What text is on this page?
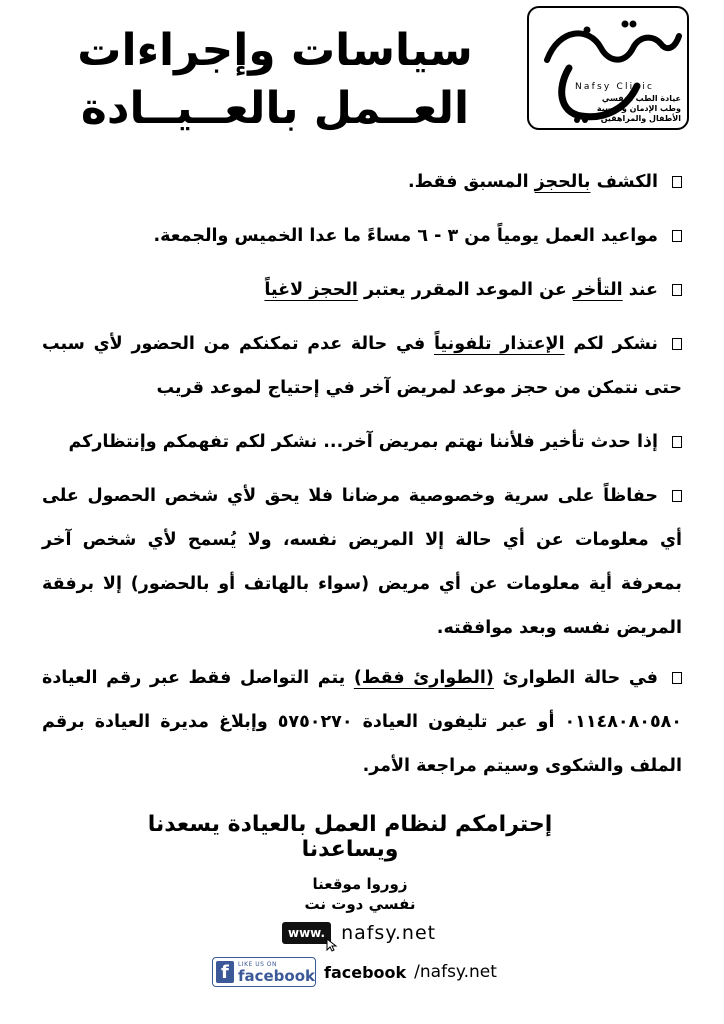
Nafsy Clinic
عيادة الطب النفسي
وطب الإدمان ونفسية
الأطفال والمراهقين
سياسات وإجراءات
العــمل بالعــيــادة
الكشف بالحجز المسبق فقط.
مواعيد العمل يومياً من ٣ - ٦ مساءً ما عدا الخميس والجمعة.
عند التأخر عن الموعد المقرر يعتبر الحجز لاغياً
نشكر لكم الإعتذار تلفونياً في حالة عدم تمكنكم من الحضور لأي سبب حتى نتمكن من حجز موعد لمريض آخر في إحتياج لموعد قريب
إذا حدث تأخير فلأننا نهتم بمريض آخر... نشكر لكم تفهمكم وإنتظاركم
حفاظاً على سرية وخصوصية مرضانا فلا يحق لأي شخص الحصول على أي معلومات عن أي حالة إلا المريض نفسه، ولا يُسمح لأي شخص آخر بمعرفة أية معلومات عن أي مريض (سواء بالهاتف أو بالحضور) إلا برفقة المريض نفسه وبعد موافقته.
في حالة الطوارئ (الطوارئ فقط) يتم التواصل فقط عبر رقم العيادة ٠١١٤٨٠٨٠٥٨٠ أو عبر تليفون العيادة ٥٧٥٠٢٧٠ وإبلاغ مديرة العيادة برقم الملف والشكوى وسيتم مراجعة الأمر.
إحترامكم لنظام العمل بالعيادة يسعدنا ويساعدنا
زوروا موقعنا
نفسي دوت نت
www. nafsy.net
f	LIKE US ON
facebook facebook /nafsy.net
